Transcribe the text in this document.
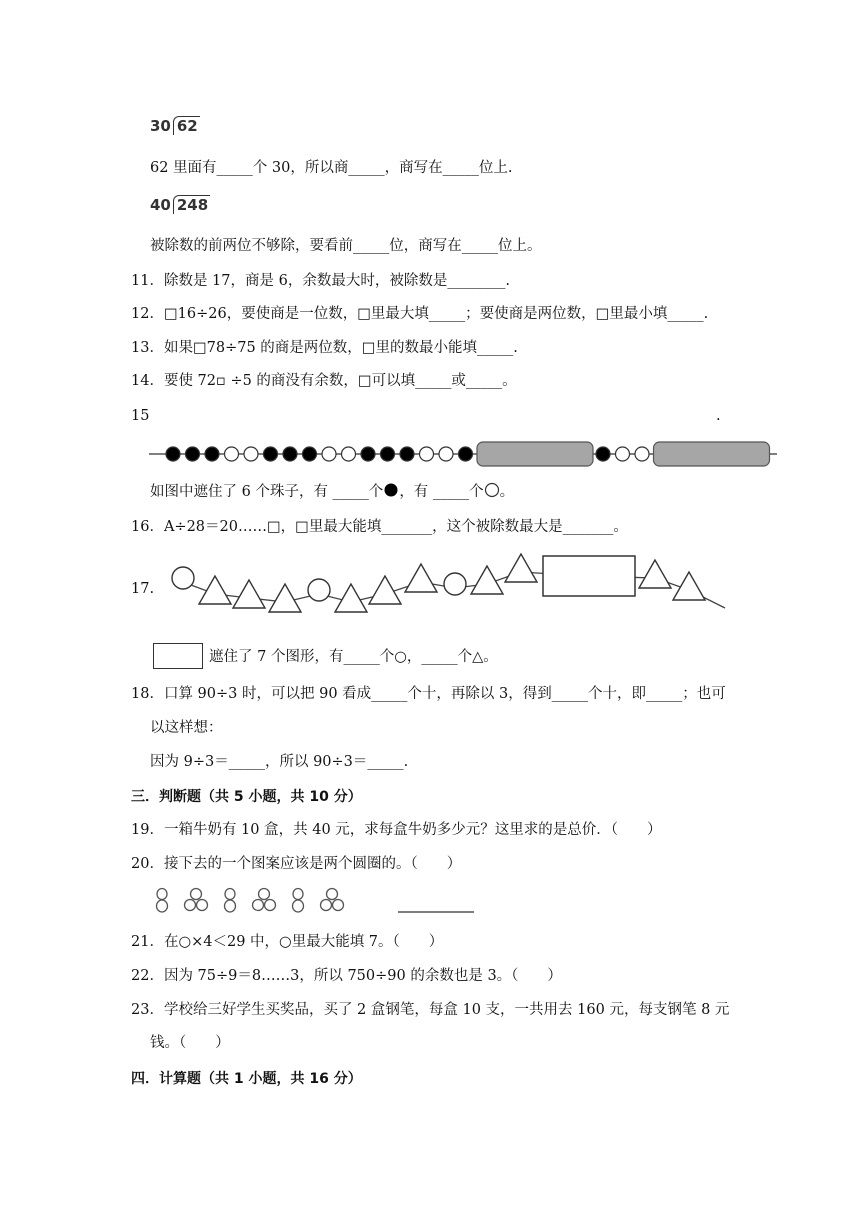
30 62
62 里面有_____个 30，所以商_____，商写在_____位上.
40 248
被除数的前两位不够除，要看前_____位，商写在_____位上。
11．除数是 17，商是 6，余数最大时，被除数是________.
12．□16÷26，要使商是一位数，□里最大填_____；要使商是两位数，□里最小填_____.
13．如果□78÷75 的商是两位数，□里的数最小能填_____.
14．要使 72▫ ÷5 的商没有余数，□可以填_____或_____。
15	.
如图中遮住了 6 个珠子，有 _____个 ，有 _____个 。
16．A÷28＝20……□，□里最大能填_______，这个被除数最大是_______。
17.
遮住了 7 个图形，有_____个○，_____个△。
18．口算 90÷3 时，可以把 90 看成_____个十，再除以 3，得到_____个十，即_____；也可
以这样想：
因为 9÷3＝_____，所以 90÷3＝_____.
三．判断题（共 5 小题，共 10 分）
19．一箱牛奶有 10 盒，共 40 元，求每盒牛奶多少元？这里求的是总价．（　　）
20．接下去的一个图案应该是两个圆圈的。（　　）
21．在○×4＜29 中，○里最大能填 7。（　　）
22．因为 75÷9＝8……3，所以 750÷90 的余数也是 3。（　　）
23．学校给三好学生买奖品，买了 2 盒钢笔，每盒 10 支，一共用去 160 元，每支钢笔 8 元
钱。（　　）
四．计算题（共 1 小题，共 16 分）
